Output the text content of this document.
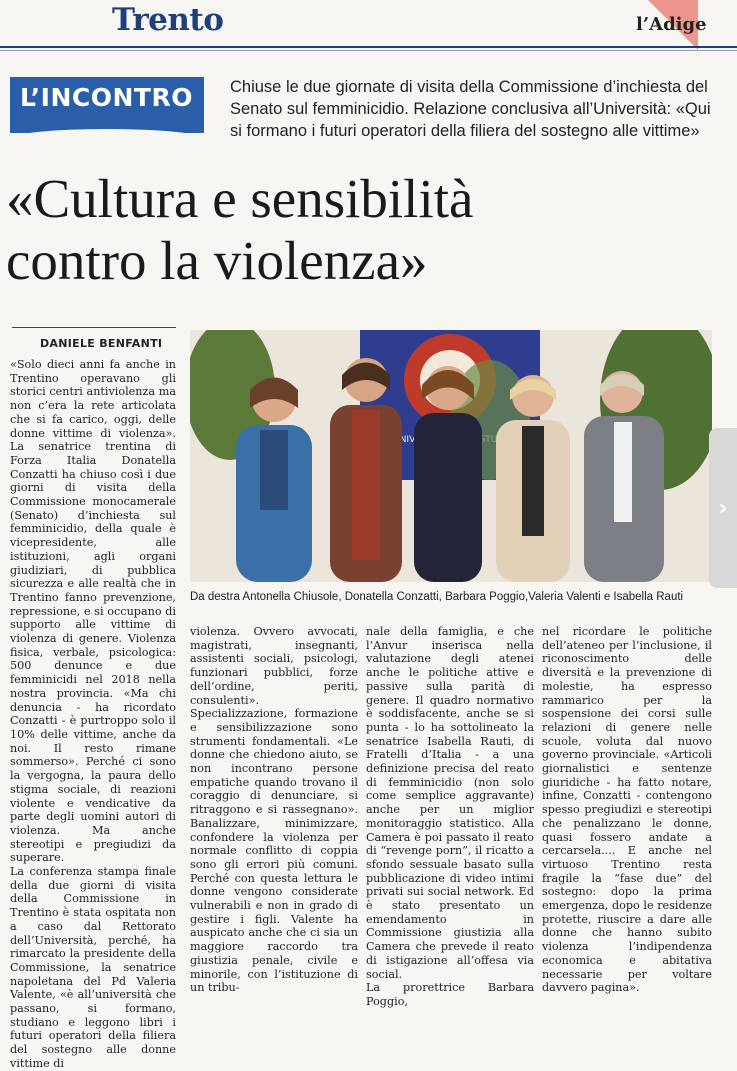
Trento	l’Adige
L’INCONTRO Chiuse le due giornate di visita della Commissione d’inchiesta del Senato sul femminicidio. Relazione conclusiva all’Università: «Qui si formano i futuri operatori della filiera del sostegno alle vittime»
«Cultura e sensibilità
contro la violenza»
DANIELE BENFANTI

«Solo dieci anni fa anche in Trentino operavano gli storici centri antiviolenza ma non c’era la rete articolata che si fa carico, oggi, delle donne vittime di violenza». La senatrice trentina di Forza Italia Donatella Conzatti ha chiuso così i due giorni di visita della Commissione monocamerale (Senato) d’inchiesta sul femminicidio, della quale è vicepresidente, alle istituzioni, agli organi giudiziari, di pubblica sicurezza e alle realtà che in Trentino fanno prevenzione, repressione, e si occupano di supporto alle vittime di violenza di genere. Violenza fisica, verbale, psicologica: 500 denunce e due femminicidi nel 2018 nella nostra provincia. «Ma chi denuncia - ha ricordato Conzatti - è purtroppo solo il 10% delle vittime, anche da noi. Il resto rimane sommerso». Perché ci sono la vergogna, la paura dello stigma sociale, di reazioni violente e vendicative da parte degli uomini autori di violenza. Ma anche stereotipi e pregiudizi da superare.

La conferenza stampa finale della due giorni di visita della Commissione in Trentino è stata ospitata non a caso dal Rettorato dell’Università, perché, ha rimarcato la presidente della Commissione, la senatrice napoletana del Pd Valeria Valente, «è all’università che passano, si formano, studiano e leggono libri i futuri operatori della filiera del sostegno alle donne vittime di

Da destra Antonella Chiusole, Donatella Conzatti, Barbara Poggio,Valeria Valenti e Isabella Rauti

violenza. Ovvero avvocati, magistrati, insegnanti, assistenti sociali, psicologi, funzionari pubblici, forze dell’ordine, periti, consulenti». Specializzazione, formazione e sensibilizzazione sono strumenti fondamentali. «Le donne che chiedono aiuto, se non incontrano persone empatiche quando trovano il coraggio di denunciare, si ritraggono e si rassegnano». Banalizzare, minimizzare, confondere la violenza per normale conflitto di coppia sono gli errori più comuni. Perché con questa lettura le donne vengono considerate vulnerabili e non in grado di gestire i figli. Valente ha auspicato anche che ci sia un maggiore raccordo tra giustizia penale, civile e minorile, con l’istituzione di un tribu-

nale della famiglia, e che l’Anvur inserisca nella valutazione degli atenei anche le politiche attive e passive sulla parità di genere. Il quadro normativo è soddisfacente, anche se si punta - lo ha sottolineato la senatrice Isabella Rauti, di Fratelli d’Italia - a una definizione precisa del reato di femminicidio (non solo come semplice aggravante) anche per un miglior monitoraggio statistico. Alla Camera è poi passato il reato di “revenge porn”, il ricatto a sfondo sessuale basato sulla pubblicazione di video intimi privati sui social network. Ed è stato presentato un emendamento in Commissione giustizia alla Camera che prevede il reato di istigazione all’offesa via social.

La prorettrice Barbara Poggio,

nel ricordare le politiche dell’ateneo per l’inclusione, il riconoscimento delle diversità e la prevenzione di molestie, ha espresso rammarico per la sospensione dei corsi sulle relazioni di genere nelle scuole, voluta dal nuovo governo provinciale. «Articoli giornalistici e sentenze giuridiche - ha fatto notare, infine, Conzatti - contengono spesso pregiudizi e stereotipi che penalizzano le donne, quasi fossero andate a cercarsela.... E anche nel virtuoso Trentino resta fragile la “fase due” del sostegno: dopo la prima emergenza, dopo le residenze protette, riuscire a dare alle donne che hanno subito violenza l’indipendenza economica e abitativa necessarie per voltare davvero pagina».

›
